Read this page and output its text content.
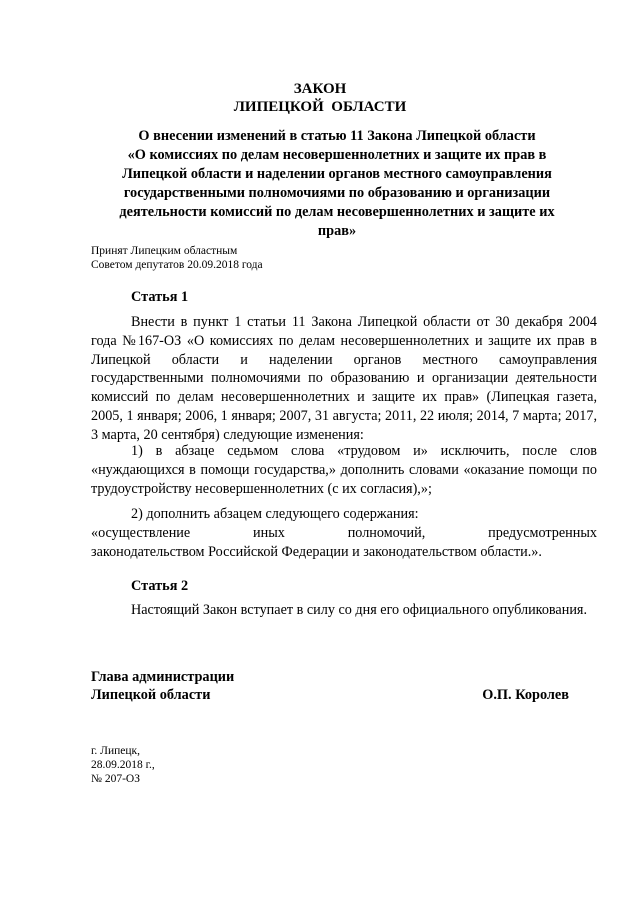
ЗАКОН
ЛИПЕЦКОЙ  ОБЛАСТИ
О внесении изменений в статью 11 Закона Липецкой области
«О комиссиях по делам несовершеннолетних и защите их прав в
Липецкой области и наделении органов местного самоуправления
государственными полномочиями по образованию и организации
деятельности комиссий по делам несовершеннолетних и защите их
прав»
Принят Липецким областным
Советом депутатов 20.09.2018 года
Статья 1

Внести в пункт 1 статьи 11 Закона Липецкой области от 30 декабря 2004 года №167-ОЗ «О комиссиях по делам несовершеннолетних и защите их прав в Липецкой области и наделении органов местного самоуправления государственными полномочиями по образованию и организации деятельности комиссий по делам несовершеннолетних и защите их прав» (Липецкая газета, 2005, 1 января; 2006, 1 января; 2007, 31 августа; 2011, 22 июля; 2014, 7 марта; 2017, 3 марта, 20 сентября) следующие изменения:

1) в абзаце седьмом слова «трудовом и» исключить, после слов «нуждающихся в помощи государства,» дополнить словами «оказание помощи по трудоустройству несовершеннолетних (с их согласия),»;

2) дополнить абзацем следующего содержания:
«осуществление иных полномочий, предусмотренных
законодательством Российской Федерации и законодательством области.».
Статья 2

Настоящий Закон вступает в силу со дня его официального опубликования.

Глава администрации
Липецкой области	О.П. Королев
г. Липецк,
28.09.2018 г.,
№ 207-ОЗ
